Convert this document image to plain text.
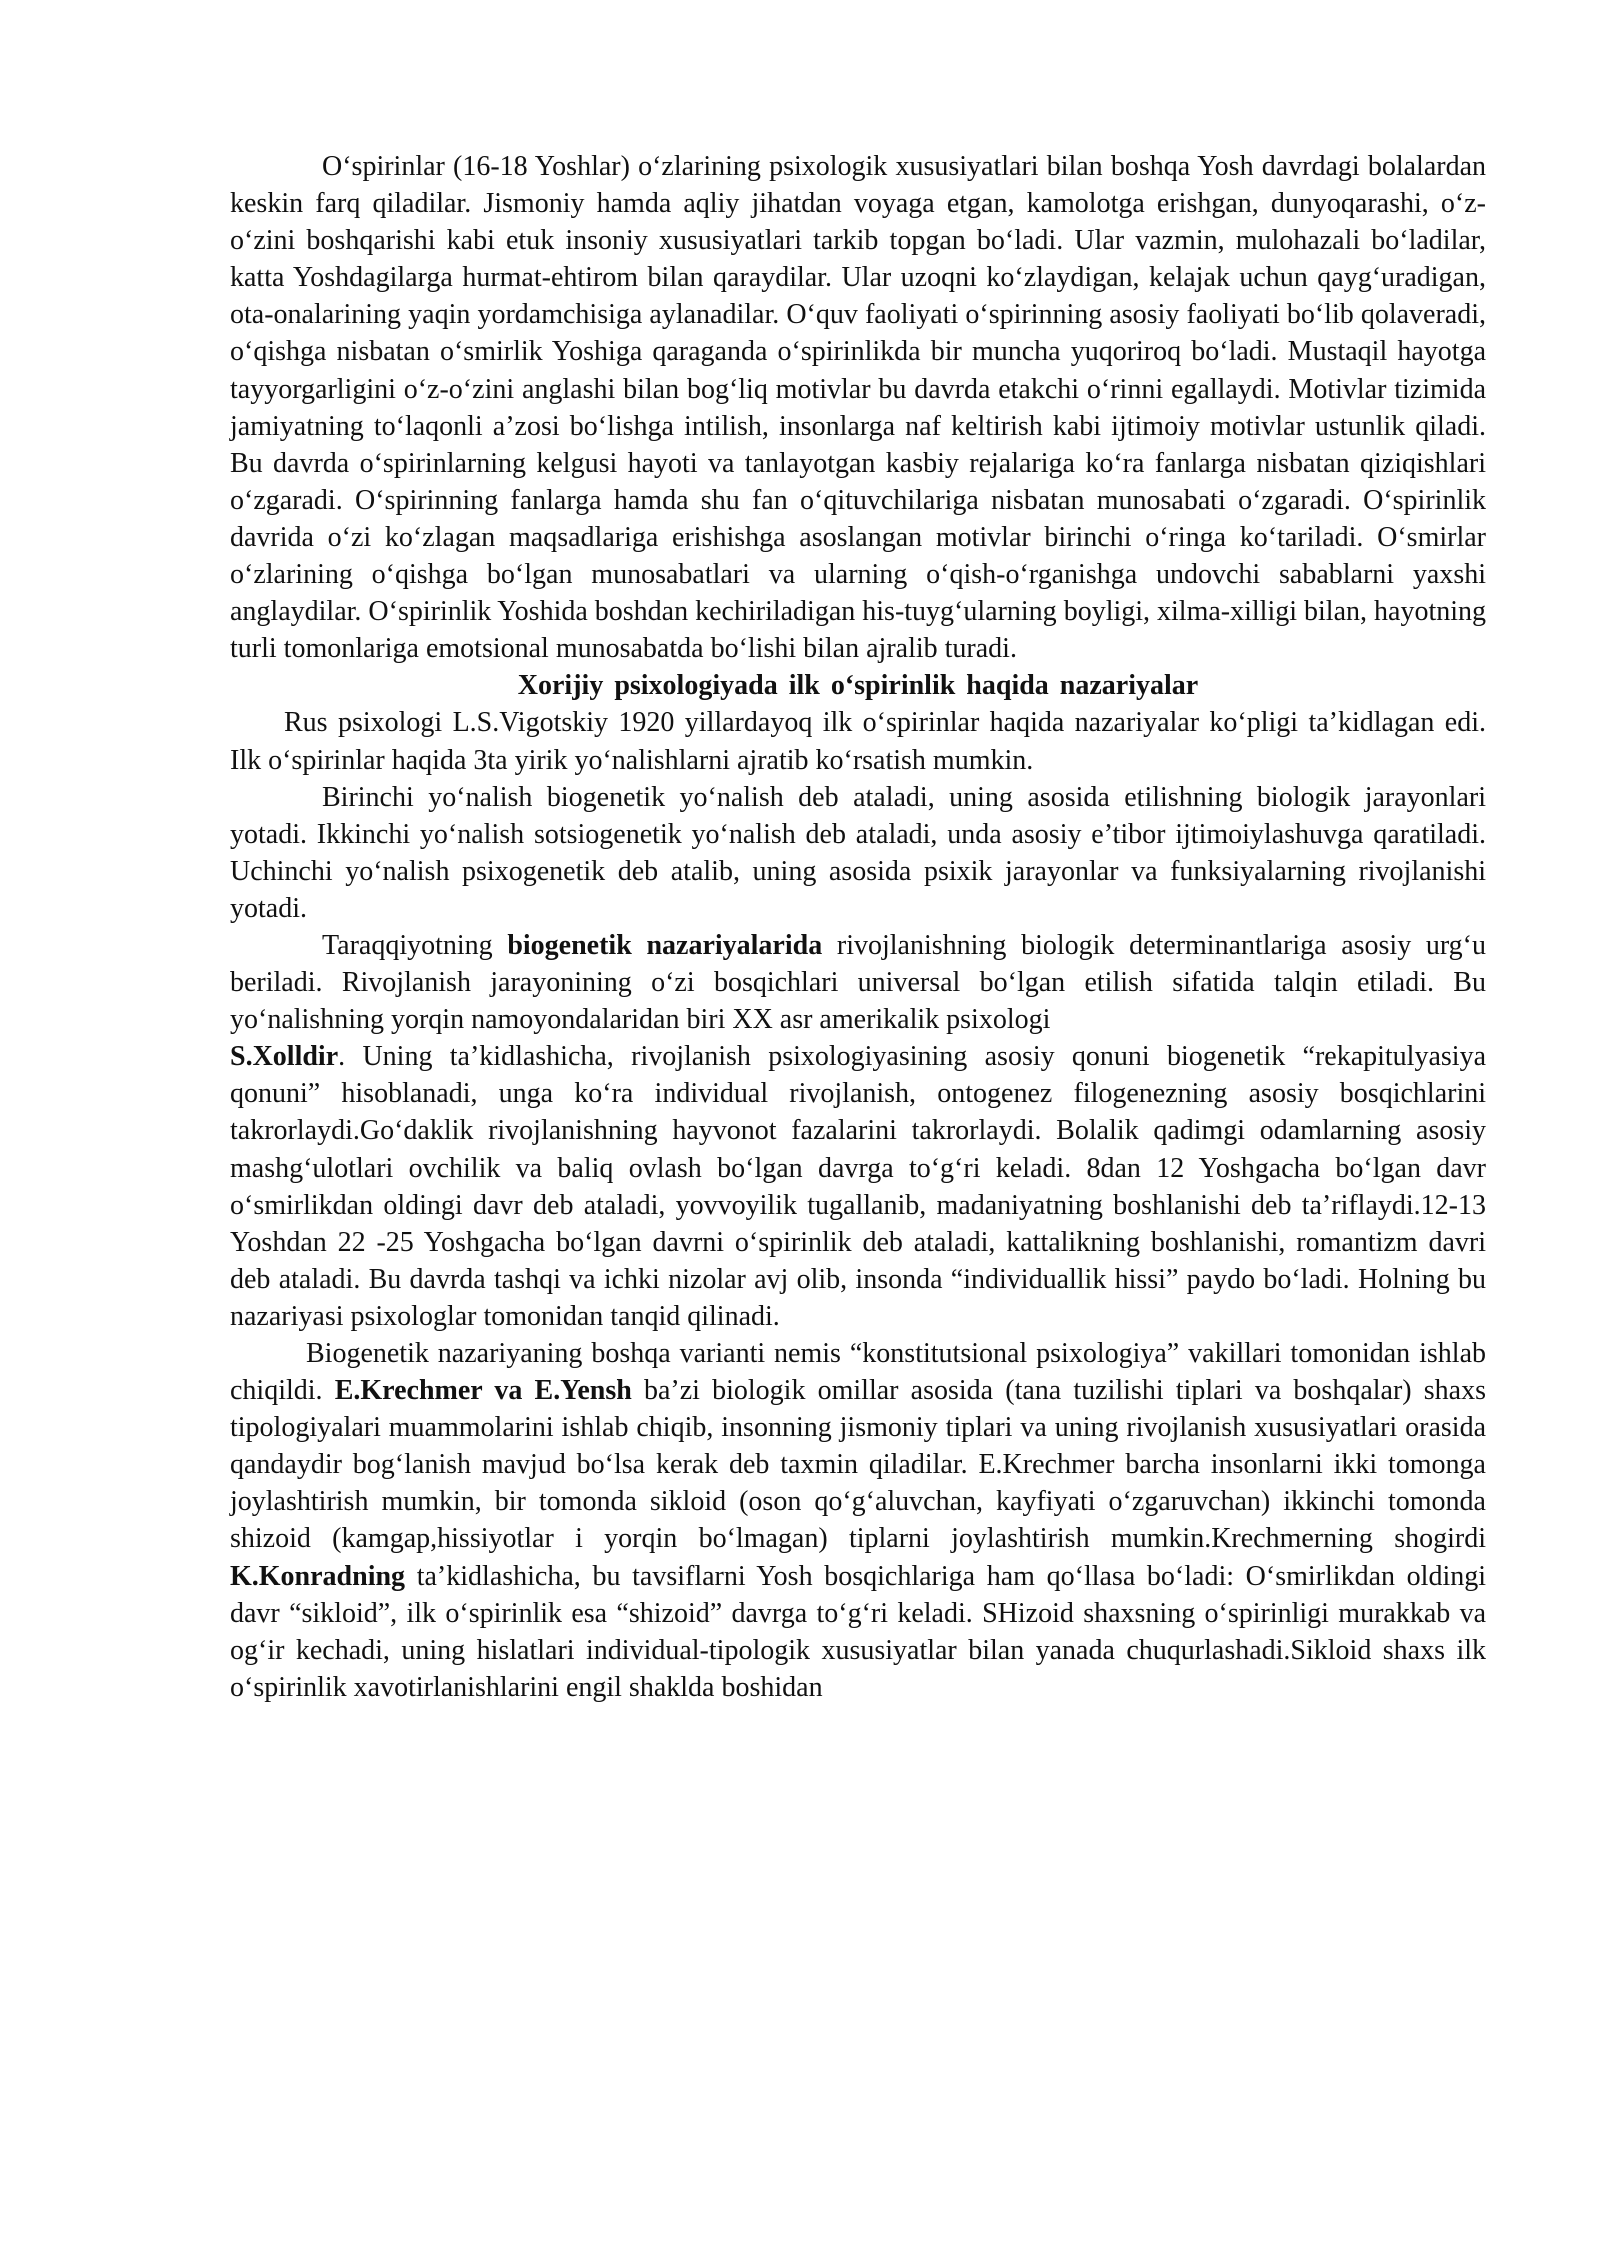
O‘spirinlar (16-18 Yoshlar) o‘zlarining psixologik xususiyatlari bilan boshqa Yosh davrdagi bolalardan keskin farq qiladilar. Jismoniy hamda aqliy jihatdan voyaga etgan, kamolotga erishgan, dunyoqarashi, o‘z-o‘zini boshqarishi kabi etuk insoniy xususiyatlari tarkib topgan bo‘ladi. Ular vazmin, mulohazali bo‘ladilar, katta Yoshdagilarga hurmat-ehtirom bilan qaraydilar. Ular uzoqni ko‘zlaydigan, kelajak uchun qayg‘uradigan, ota-onalarining yaqin yordamchisiga aylanadilar. O‘quv faoliyati o‘spirinning asosiy faoliyati bo‘lib qolaveradi, o‘qishga nisbatan o‘smirlik Yoshiga qaraganda o‘spirinlikda bir muncha yuqoriroq bo‘ladi. Mustaqil hayotga tayyorgarligini o‘z-o‘zini anglashi bilan bog‘liq motivlar bu davrda etakchi o‘rinni egallaydi. Motivlar tizimida jamiyatning to‘laqonli a’zosi bo‘lishga intilish, insonlarga naf keltirish kabi ijtimoiy motivlar ustunlik qiladi. Bu davrda o‘spirinlarning kelgusi hayoti va tanlayotgan kasbiy rejalariga ko‘ra fanlarga nisbatan qiziqishlari o‘zgaradi. O‘spirinning fanlarga hamda shu fan o‘qituvchilariga nisbatan munosabati o‘zgaradi. O‘spirinlik davrida o‘zi ko‘zlagan maqsadlariga erishishga asoslangan motivlar birinchi o‘ringa ko‘tariladi. O‘smirlar o‘zlarining o‘qishga bo‘lgan munosabatlari va ularning o‘qish-o‘rganishga undovchi sabablarni yaxshi anglaydilar. O‘spirinlik Yoshida boshdan kechiriladigan his-tuyg‘ularning boyligi, xilma-xilligi bilan, hayotning turli tomonlariga emotsional munosabatda bo‘lishi bilan ajralib turadi.

Xorijiy psixologiyada ilk o‘spirinlik haqida nazariyalar

Rus psixologi L.S.Vigotskiy 1920 yillardayoq ilk o‘spirinlar haqida nazariyalar ko‘pligi ta’kidlagan edi. Ilk o‘spirinlar haqida 3ta yirik yo‘nalishlarni ajratib ko‘rsatish mumkin.

Birinchi yo‘nalish biogenetik yo‘nalish deb ataladi, uning asosida etilishning biologik jarayonlari yotadi. Ikkinchi yo‘nalish sotsiogenetik yo‘nalish deb ataladi, unda asosiy e’tibor ijtimoiylashuvga qaratiladi. Uchinchi yo‘nalish psixogenetik deb atalib, uning asosida psixik jarayonlar va funksiyalarning rivojlanishi yotadi.

Taraqqiyotning biogenetik nazariyalarida rivojlanishning biologik determinantlariga asosiy urg‘u beriladi. Rivojlanish jarayonining o‘zi bosqichlari universal bo‘lgan etilish sifatida talqin etiladi. Bu yo‘nalishning yorqin namoyondalaridan biri XX asr amerikalik psixologi

S.Xolldir. Uning ta’kidlashicha, rivojlanish psixologiyasining asosiy qonuni biogenetik “rekapitulyasiya qonuni” hisoblanadi, unga ko‘ra individual rivojlanish, ontogenez filogenezning asosiy bosqichlarini takrorlaydi.Go‘daklik rivojlanishning hayvonot fazalarini takrorlaydi. Bolalik qadimgi odamlarning asosiy mashg‘ulotlari ovchilik va baliq ovlash bo‘lgan davrga to‘g‘ri keladi. 8dan 12 Yoshgacha bo‘lgan davr o‘smirlikdan oldingi davr deb ataladi, yovvoyilik tugallanib, madaniyatning boshlanishi deb ta’riflaydi.12-13 Yoshdan 22 -25 Yoshgacha bo‘lgan davrni o‘spirinlik deb ataladi, kattalikning boshlanishi, romantizm davri deb ataladi. Bu davrda tashqi va ichki nizolar avj olib, insonda “individuallik hissi” paydo bo‘ladi. Holning bu nazariyasi psixologlar tomonidan tanqid qilinadi.

Biogenetik nazariyaning boshqa varianti nemis “konstitutsional psixologiya” vakillari tomonidan ishlab chiqildi. E.Krechmer va E.Yensh ba’zi biologik omillar asosida (tana tuzilishi tiplari va boshqalar) shaxs tipologiyalari muammolarini ishlab chiqib, insonning jismoniy tiplari va uning rivojlanish xususiyatlari orasida qandaydir bog‘lanish mavjud bo‘lsa kerak deb taxmin qiladilar. E.Krechmer barcha insonlarni ikki tomonga joylashtirish mumkin, bir tomonda sikloid (oson qo‘g‘aluvchan, kayfiyati o‘zgaruvchan) ikkinchi tomonda shizoid (kamgap,hissiyotlar i yorqin bo‘lmagan) tiplarni joylashtirish mumkin.Krechmerning shogirdi K.Konradning ta’kidlashicha, bu tavsiflarni Yosh bosqichlariga ham qo‘llasa bo‘ladi: O‘smirlikdan oldingi davr “sikloid”, ilk o‘spirinlik esa “shizoid” davrga to‘g‘ri keladi. SHizoid shaxsning o‘spirinligi murakkab va og‘ir kechadi, uning hislatlari individual-tipologik xususiyatlar bilan yanada chuqurlashadi.Sikloid shaxs ilk o‘spirinlik xavotirlanishlarini engil shaklda boshidan
